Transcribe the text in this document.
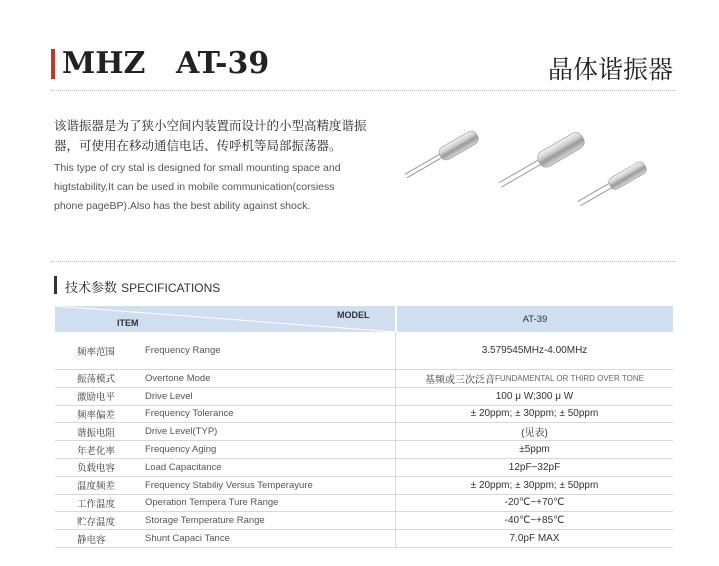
MHZ AT-39	晶体谐振器
该谐振器是为了狭小空间内装置而设计的小型高精度谐振
器，可使用在移动通信电话、传呼机等局部振荡器。
This type of cry stal is designed for small mounting space and
higtstability,It can be used in mobile communication(corsiess
phone pageBP).Also has the best ability against shock.
技术参数 SPECIFICATIONS
ITEM
MODEL	AT-39
频率范围	Frequency Range	3.579545MHz-4.00MHz
振荡模式	Overtone Mode	基频或三次泛音 FUNDAMENTAL OR THIRD OVER TONE
激励电平	Drive Level	100 μ W;300 μ W
频率偏差	Frequency Tolerance	± 20ppm; ± 30ppm; ± 50ppm
谐振电阻	Drive Level(TYP)	(见表)
年老化率	Frequency Aging	±5ppm
负载电容	Load Capacitance	12pF~32pF
温度频差	Frequency Stabiliy Versus Temperayure	± 20ppm; ± 30ppm; ± 50ppm
工作温度	Operation Tempera Ture Range	-20℃~+70℃
贮存温度	Storage Temperature Range	-40℃~+85℃
静电容	Shunt Capaci Tance	7.0pF MAX
